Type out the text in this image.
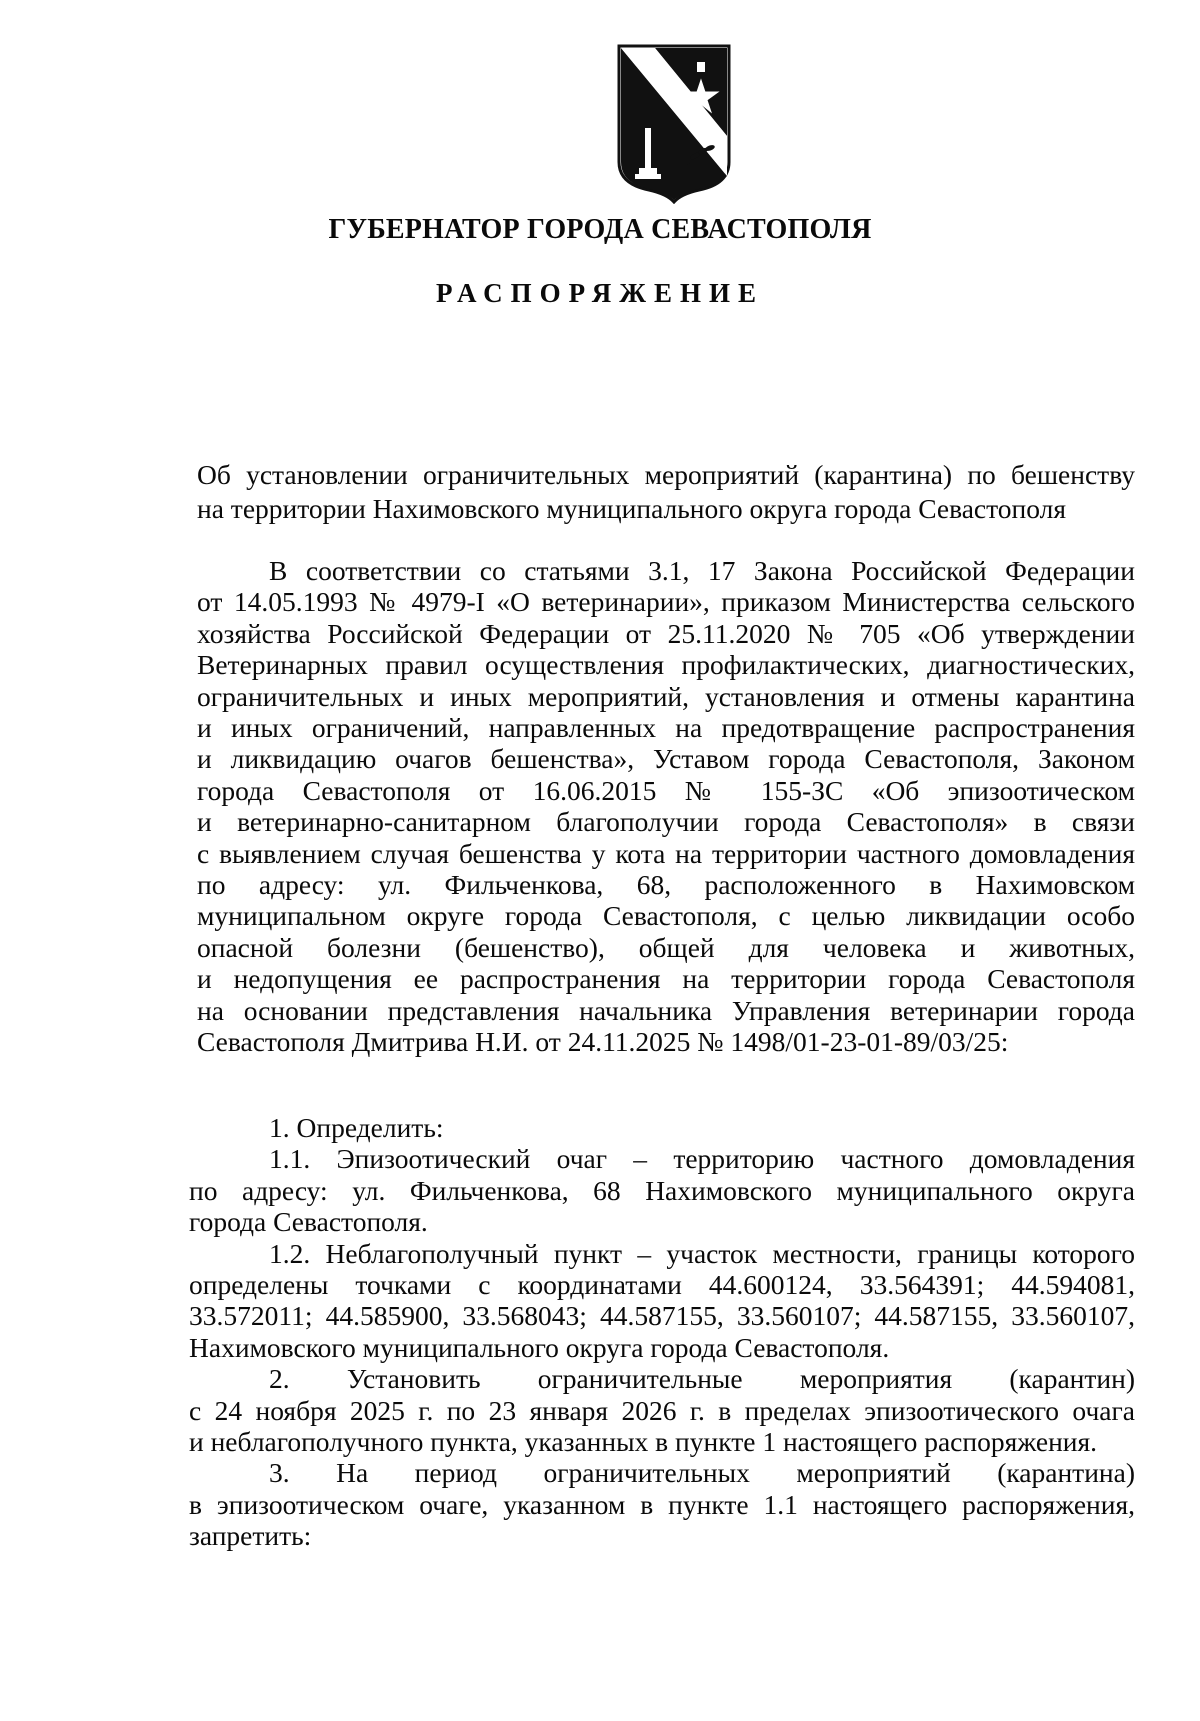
ГУБЕРНАТОР ГОРОДА СЕВАСТОПОЛЯ
РАСПОРЯЖЕНИЕ
Об установлении ограничительных мероприятий (карантина) по бешенству
на территории Нахимовского муниципального округа города Севастополя
В соответствии со статьями 3.1, 17 Закона Российской Федерации
от 14.05.1993 № 4979-I «О ветеринарии», приказом Министерства сельского
хозяйства Российской Федерации от 25.11.2020 № 705 «Об утверждении
Ветеринарных правил осуществления профилактических, диагностических,
ограничительных и иных мероприятий, установления и отмены карантина
и иных ограничений, направленных на предотвращение распространения
и ликвидацию очагов бешенства», Уставом города Севастополя, Законом
города Севастополя от 16.06.2015 № 155-ЗС «Об эпизоотическом
и ветеринарно-санитарном благополучии города Севастополя» в связи
с выявлением случая бешенства у кота на территории частного домовладения
по адресу: ул. Фильченкова, 68, расположенного в Нахимовском
муниципальном округе города Севастополя, с целью ликвидации особо
опасной болезни (бешенство), общей для человека и животных,
и недопущения ее распространения на территории города Севастополя
на основании представления начальника Управления ветеринарии города
Севастополя Дмитрива Н.И. от 24.11.2025 № 1498/01-23-01-89/03/25:
1. Определить:
1.1. Эпизоотический очаг – территорию частного домовладения
по адресу: ул. Фильченкова, 68 Нахимовского муниципального округа
города Севастополя.
1.2. Неблагополучный пункт – участок местности, границы которого
определены точками с координатами 44.600124, 33.564391; 44.594081,
33.572011; 44.585900, 33.568043; 44.587155, 33.560107; 44.587155, 33.560107,
Нахимовского муниципального округа города Севастополя.
2. Установить ограничительные мероприятия (карантин)
с 24 ноября 2025 г. по 23 января 2026 г. в пределах эпизоотического очага
и неблагополучного пункта, указанных в пункте 1 настоящего распоряжения.
3. На период ограничительных мероприятий (карантина)
в эпизоотическом очаге, указанном в пункте 1.1 настоящего распоряжения,
запретить:
